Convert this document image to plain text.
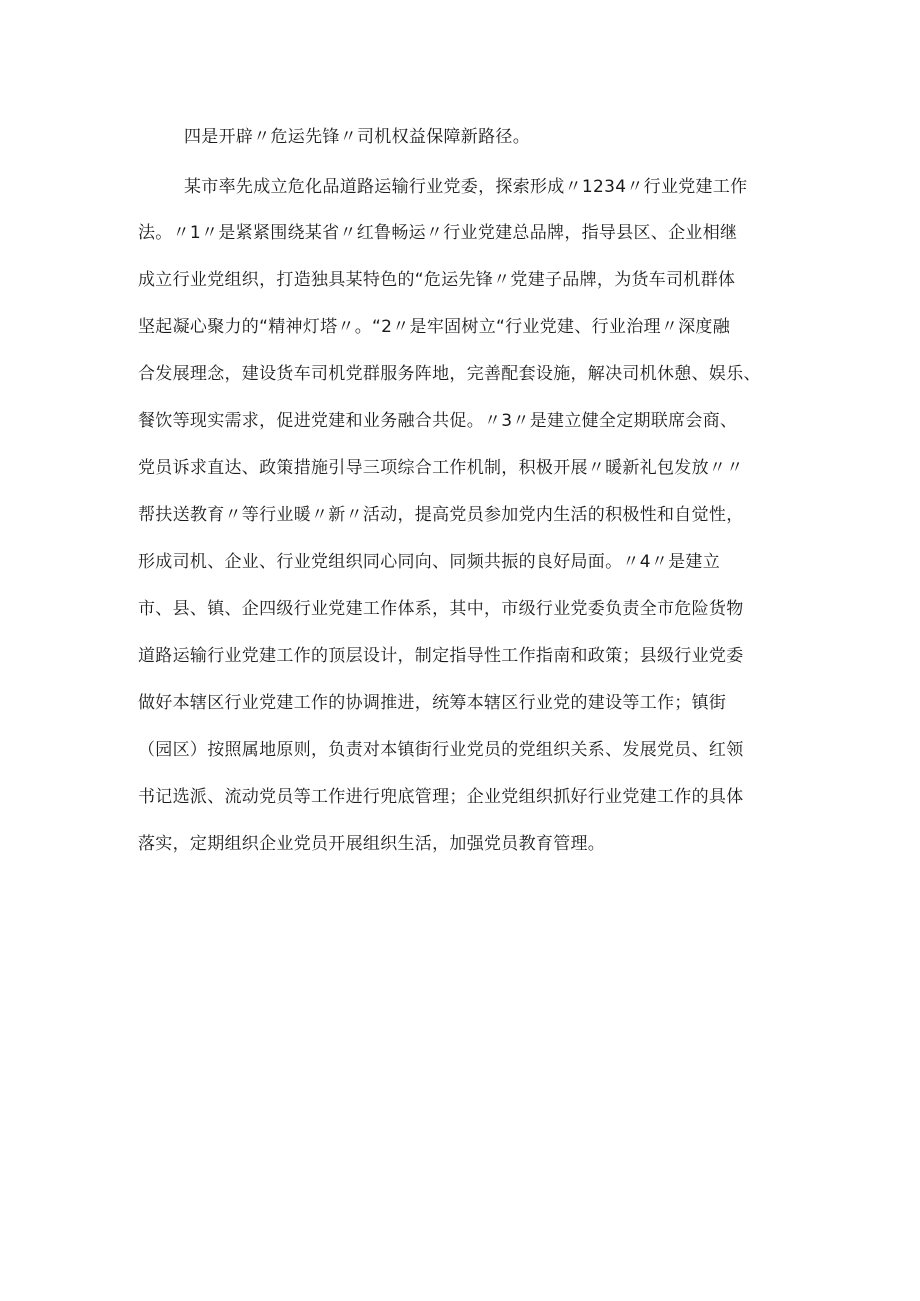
四是开辟〃危运先锋〃司机权益保障新路径。
某市率先成立危化品道路运输行业党委，探索形成〃1234〃行业党建工作
法。〃1〃是紧紧围绕某省〃红鲁畅运〃行业党建总品牌，指导县区、企业相继
成立行业党组织，打造独具某特色的“危运先锋〃党建子品牌，为货车司机群体
坚起凝心聚力的“精神灯塔〃。“2〃是牢固树立“行业党建、行业治理〃深度融
合发展理念，建设货车司机党群服务阵地，完善配套设施，解决司机休憩、娱乐、
餐饮等现实需求，促进党建和业务融合共促。〃3〃是建立健全定期联席会商、
党员诉求直达、政策措施引导三项综合工作机制，积极开展〃暖新礼包发放〃〃
帮扶送教育〃等行业暖〃新〃活动，提高党员参加党内生活的积极性和自觉性，
形成司机、企业、行业党组织同心同向、同频共振的良好局面。〃4〃是建立
市、县、镇、企四级行业党建工作体系，其中，市级行业党委负责全市危险货物
道路运输行业党建工作的顶层设计，制定指导性工作指南和政策；县级行业党委
做好本辖区行业党建工作的协调推进，统筹本辖区行业党的建设等工作；镇街
（园区）按照属地原则，负责对本镇街行业党员的党组织关系、发展党员、红领
书记选派、流动党员等工作进行兜底管理；企业党组织抓好行业党建工作的具体
落实，定期组织企业党员开展组织生活，加强党员教育管理。
